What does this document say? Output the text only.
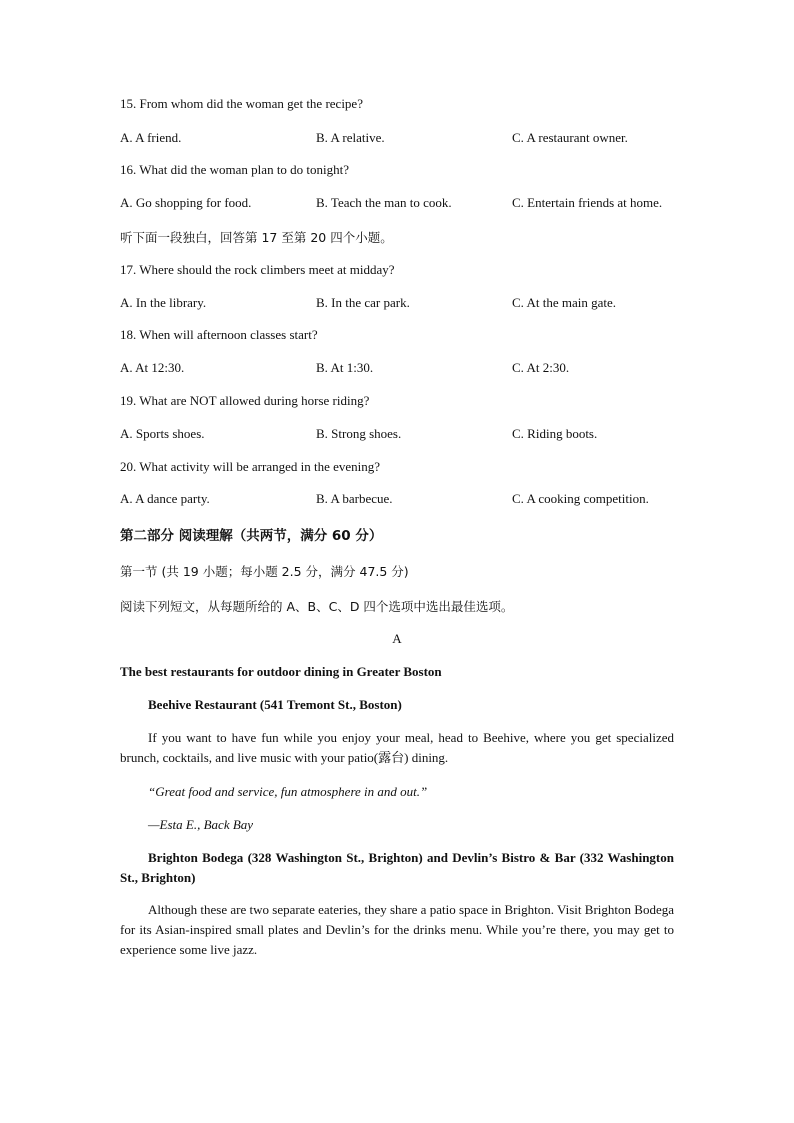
15. From whom did the woman get the recipe?
A. A friend.	B. A relative.	C. A restaurant owner.
16. What did the woman plan to do tonight?
A. Go shopping for food.	B. Teach the man to cook.	C. Entertain friends at home.
听下面一段独白，回答第 17 至第 20 四个小题。
17. Where should the rock climbers meet at midday?
A. In the library.	B. In the car park.	C. At the main gate.
18. When will afternoon classes start?
A. At 12:30.	B. At 1:30.	C. At 2:30.
19. What are NOT allowed during horse riding?
A. Sports shoes.	B. Strong shoes.	C. Riding boots.
20. What activity will be arranged in the evening?
A. A dance party.	B. A barbecue.	C. A cooking competition.
第二部分 阅读理解（共两节，满分 60 分）
第一节 (共 19 小题；每小题 2.5 分，满分 47.5 分)
阅读下列短文，从每题所给的 A、B、C、D 四个选项中选出最佳选项。
A
The best restaurants for outdoor dining in Greater Boston
Beehive Restaurant (541 Tremont St., Boston)
If you want to have fun while you enjoy your meal, head to Beehive, where you get specialized brunch, cocktails, and live music with your patio(露台) dining.
“Great food and service, fun atmosphere in and out.”
—Esta E., Back Bay
Brighton Bodega (328 Washington St., Brighton) and Devlin’s Bistro & Bar (332 Washington St., Brighton)
Although these are two separate eateries, they share a patio space in Brighton. Visit Brighton Bodega for its Asian-inspired small plates and Devlin’s for the drinks menu. While you’re there, you may get to experience some live jazz.
